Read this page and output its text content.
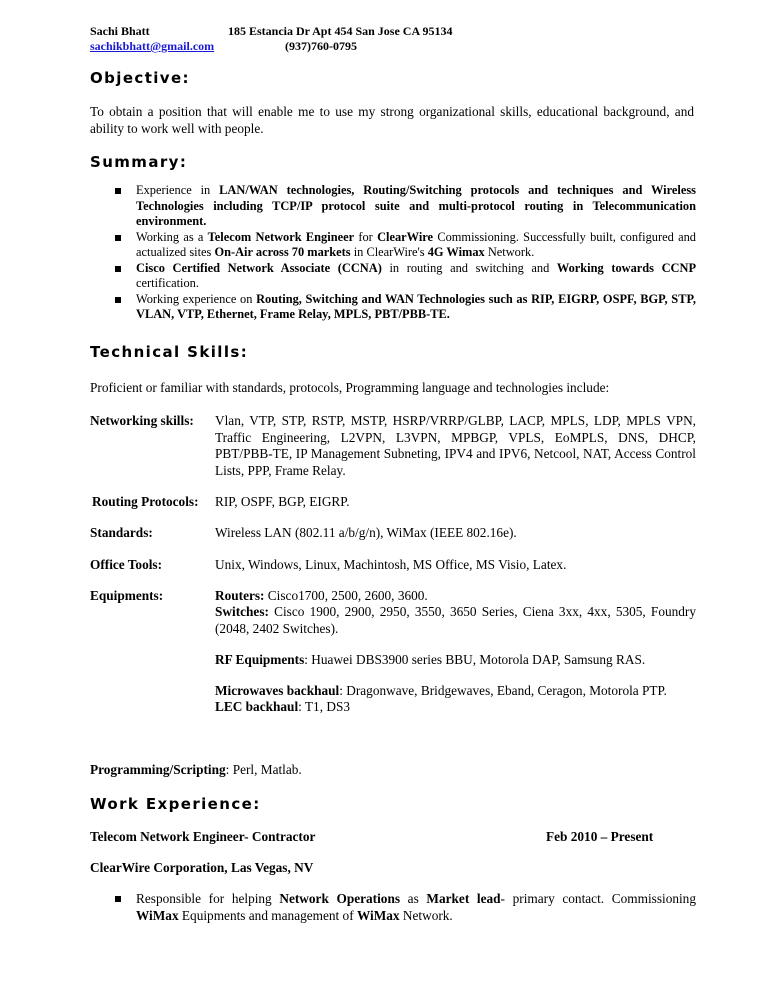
Sachi Bhatt	185 Estancia Dr Apt 454 San Jose CA 95134
sachikbhatt@gmail.com	(937)760-0795
Objective:
To obtain a position that will enable me to use my strong organizational skills, educational background, and ability to work well with people.
Summary:
Experience in LAN/WAN technologies, Routing/Switching protocols and techniques and Wireless Technologies including TCP/IP protocol suite and multi-protocol routing in Telecommunication environment.
Working as a Telecom Network Engineer for ClearWire Commissioning. Successfully built, configured and actualized sites On-Air across 70 markets in ClearWire's 4G Wimax Network.
Cisco Certified Network Associate (CCNA) in routing and switching and Working towards CCNP certification.
Working experience on Routing, Switching and WAN Technologies such as RIP, EIGRP, OSPF, BGP, STP, VLAN, VTP, Ethernet, Frame Relay, MPLS, PBT/PBB-TE.
Technical Skills:
Proficient or familiar with standards, protocols, Programming language and technologies include:
Networking skills: Vlan, VTP, STP, RSTP, MSTP, HSRP/VRRP/GLBP, LACP, MPLS, LDP, MPLS VPN, Traffic Engineering, L2VPN, L3VPN, MPBGP, VPLS, EoMPLS, DNS, DHCP, PBT/PBB-TE, IP Management Subneting, IPV4 and IPV6, Netcool, NAT, Access Control Lists, PPP, Frame Relay.
Routing Protocols: RIP, OSPF, BGP, EIGRP.
Standards:	Wireless LAN (802.11 a/b/g/n), WiMax (IEEE 802.16e).
Office Tools:	Unix, Windows, Linux, Machintosh, MS Office, MS Visio, Latex.
Equipments:	Routers: Cisco1700, 2500, 2600, 3600.
Switches: Cisco 1900, 2900, 2950, 3550, 3650 Series, Ciena 3xx, 4xx, 5305, Foundry (2048, 2402 Switches).
RF Equipments: Huawei DBS3900 series BBU, Motorola DAP, Samsung RAS.
Microwaves backhaul: Dragonwave, Bridgewaves, Eband, Ceragon, Motorola PTP.
LEC backhaul: T1, DS3
Programming/Scripting: Perl, Matlab.
Work Experience:
Telecom Network Engineer- Contractor	Feb 2010 – Present
ClearWire Corporation, Las Vegas, NV
Responsible for helping Network Operations as Market lead- primary contact. Commissioning WiMax Equipments and management of WiMax Network.
